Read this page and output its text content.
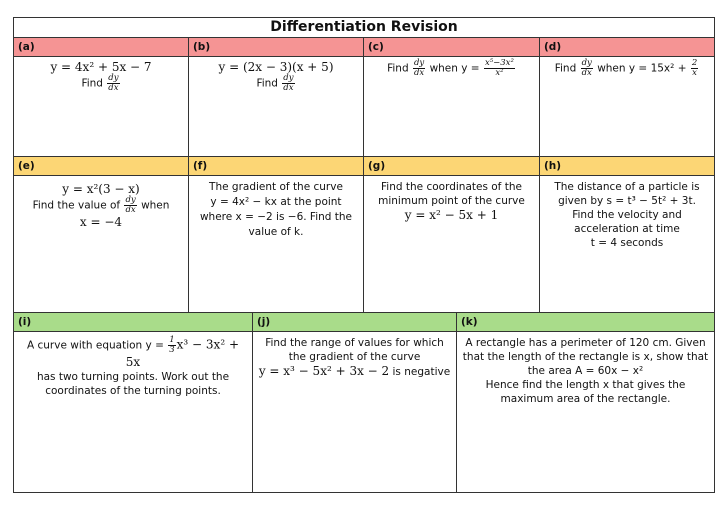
Differentiation Revision
(a)
y = 4x² + 5x − 7
Find $\frac{dy}{dx}$
(b)
y = (2x − 3)(x + 5)
Find $\frac{dy}{dx}$
(c)
Find $\frac{dy}{dx}$ when $y = \frac{\text{x⁵−3x²}}{\text{x²}}$
(d)
Find $\frac{dy}{dx}$ when $y = 15x^2 + \frac{2}{x}$
(e)
y = x²(3 − x)
Find the value of $\frac{dy}{dx}$ when
x = −4
(f)
The gradient of the curve
y = 4x² − kx at the point
where x = −2 is −6. Find the
value of k.
(g)
Find the coordinates of the
minimum point of the curve
y = x² − 5x + 1
(h)
The distance of a particle is
given by s = t³ − 5t² + 3t.
Find the velocity and
acceleration at time
t = 4 seconds
(i)
A curve with equation $y = \frac{1}{3} x^3 - 3x^2 + 5x$
has two turning points. Work out the
coordinates of the turning points.
(j)
Find the range of values for which
the gradient of the curve
y = x³ − 5x² + 3x − 2 is negative
(k)
A rectangle has a perimeter of 120 cm. Given
that the length of the rectangle is x, show that
the area A = 60x − x²
Hence find the length x that gives the
maximum area of the rectangle.
